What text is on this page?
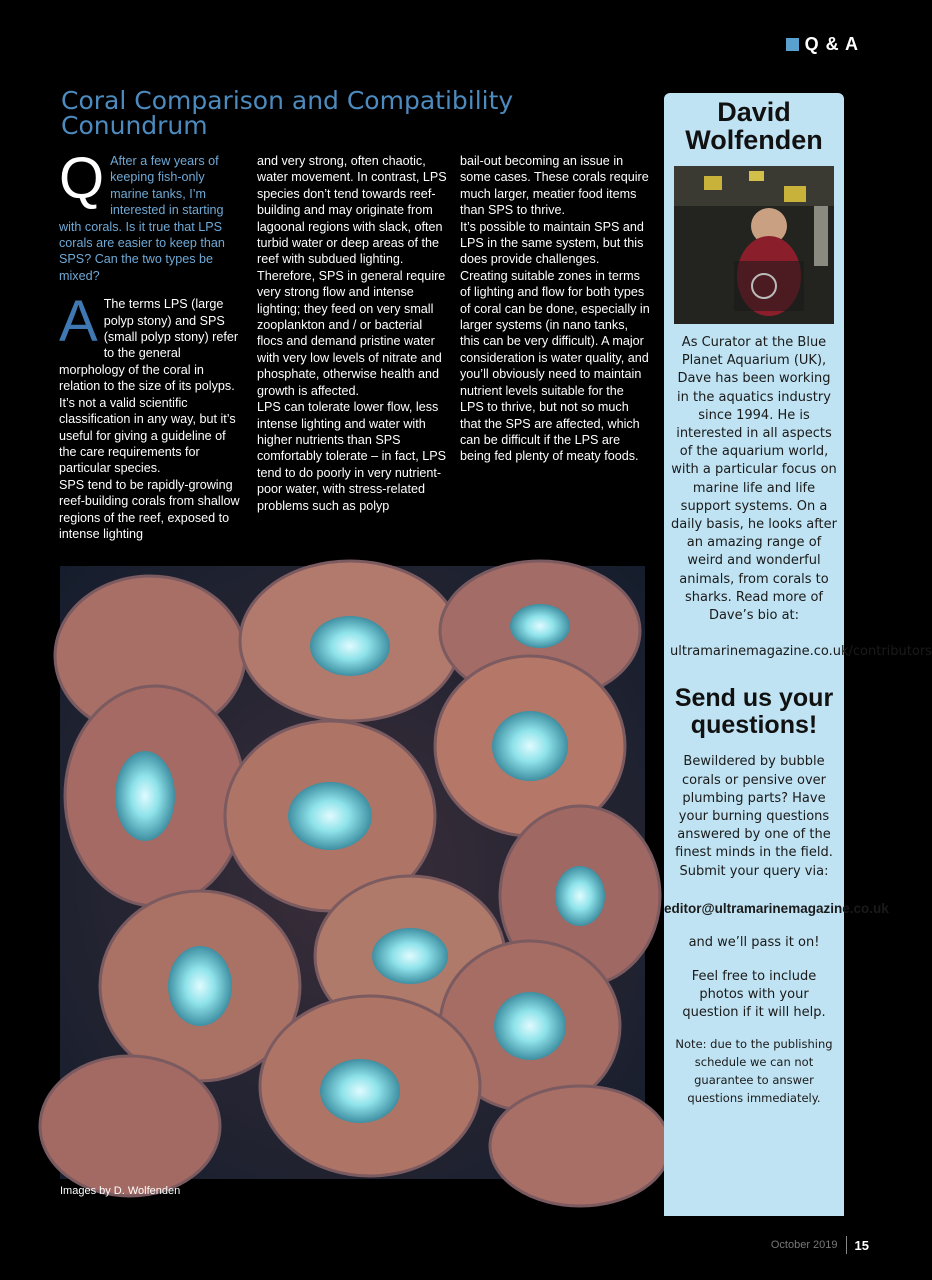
Q & A
Coral Comparison and Compatibility Conundrum
Q After a few years of keeping fish-only marine tanks, I’m interested in starting with corals. Is it true that LPS corals are easier to keep than SPS? Can the two types be mixed?
A The terms LPS (large polyp stony) and SPS (small polyp stony) refer to the general morphology of the coral in relation to the size of its polyps. It’s not a valid scientific classification in any way, but it’s useful for giving a guideline of the care requirements for particular species.

SPS tend to be rapidly-growing reef-building corals from shallow regions of the reef, exposed to intense lighting

and very strong, often chaotic, water movement. In contrast, LPS species don’t tend towards reef-building and may originate from lagoonal regions with slack, often turbid water or deep areas of the reef with subdued lighting. Therefore, SPS in general require very strong flow and intense lighting; they feed on very small zooplankton and / or bacterial flocs and demand pristine water with very low levels of nitrate and phosphate, otherwise health and growth is affected.

LPS can tolerate lower flow, less intense lighting and water with higher nutrients than SPS comfortably tolerate – in fact, LPS tend to do poorly in very nutrient-poor water, with stress-related problems such as polyp

bail-out becoming an issue in some cases. These corals require much larger, meatier food items than SPS to thrive.

It’s possible to maintain SPS and LPS in the same system, but this does provide challenges. Creating suitable zones in terms of lighting and flow for both types of coral can be done, especially in larger systems (in nano tanks, this can be very difficult). A major consideration is water quality, and you’ll obviously need to maintain nutrient levels suitable for the LPS to thrive, but not so much that the SPS are affected, which can be difficult if the LPS are being fed plenty of meaty foods.

Images by D. Wolfenden
David Wolfenden
As Curator at the Blue Planet Aquarium (UK), Dave has been working in the aquatics industry since 1994. He is interested in all aspects of the aquarium world, with a particular focus on marine life and life support systems. On a daily basis, he looks after an amazing range of weird and wonderful animals, from corals to sharks. Read more of Dave’s bio at:
ultramarinemagazine.co.uk/contributors
Send us your questions!
Bewildered by bubble corals or pensive over plumbing parts? Have your burning questions answered by one of the finest minds in the field. Submit your query via:
editor@ultramarinemagazine.co.uk
and we’ll pass it on!
Feel free to include photos with your question if it will help.
Note: due to the publishing schedule we can not guarantee to answer questions immediately.
October 2019 15
